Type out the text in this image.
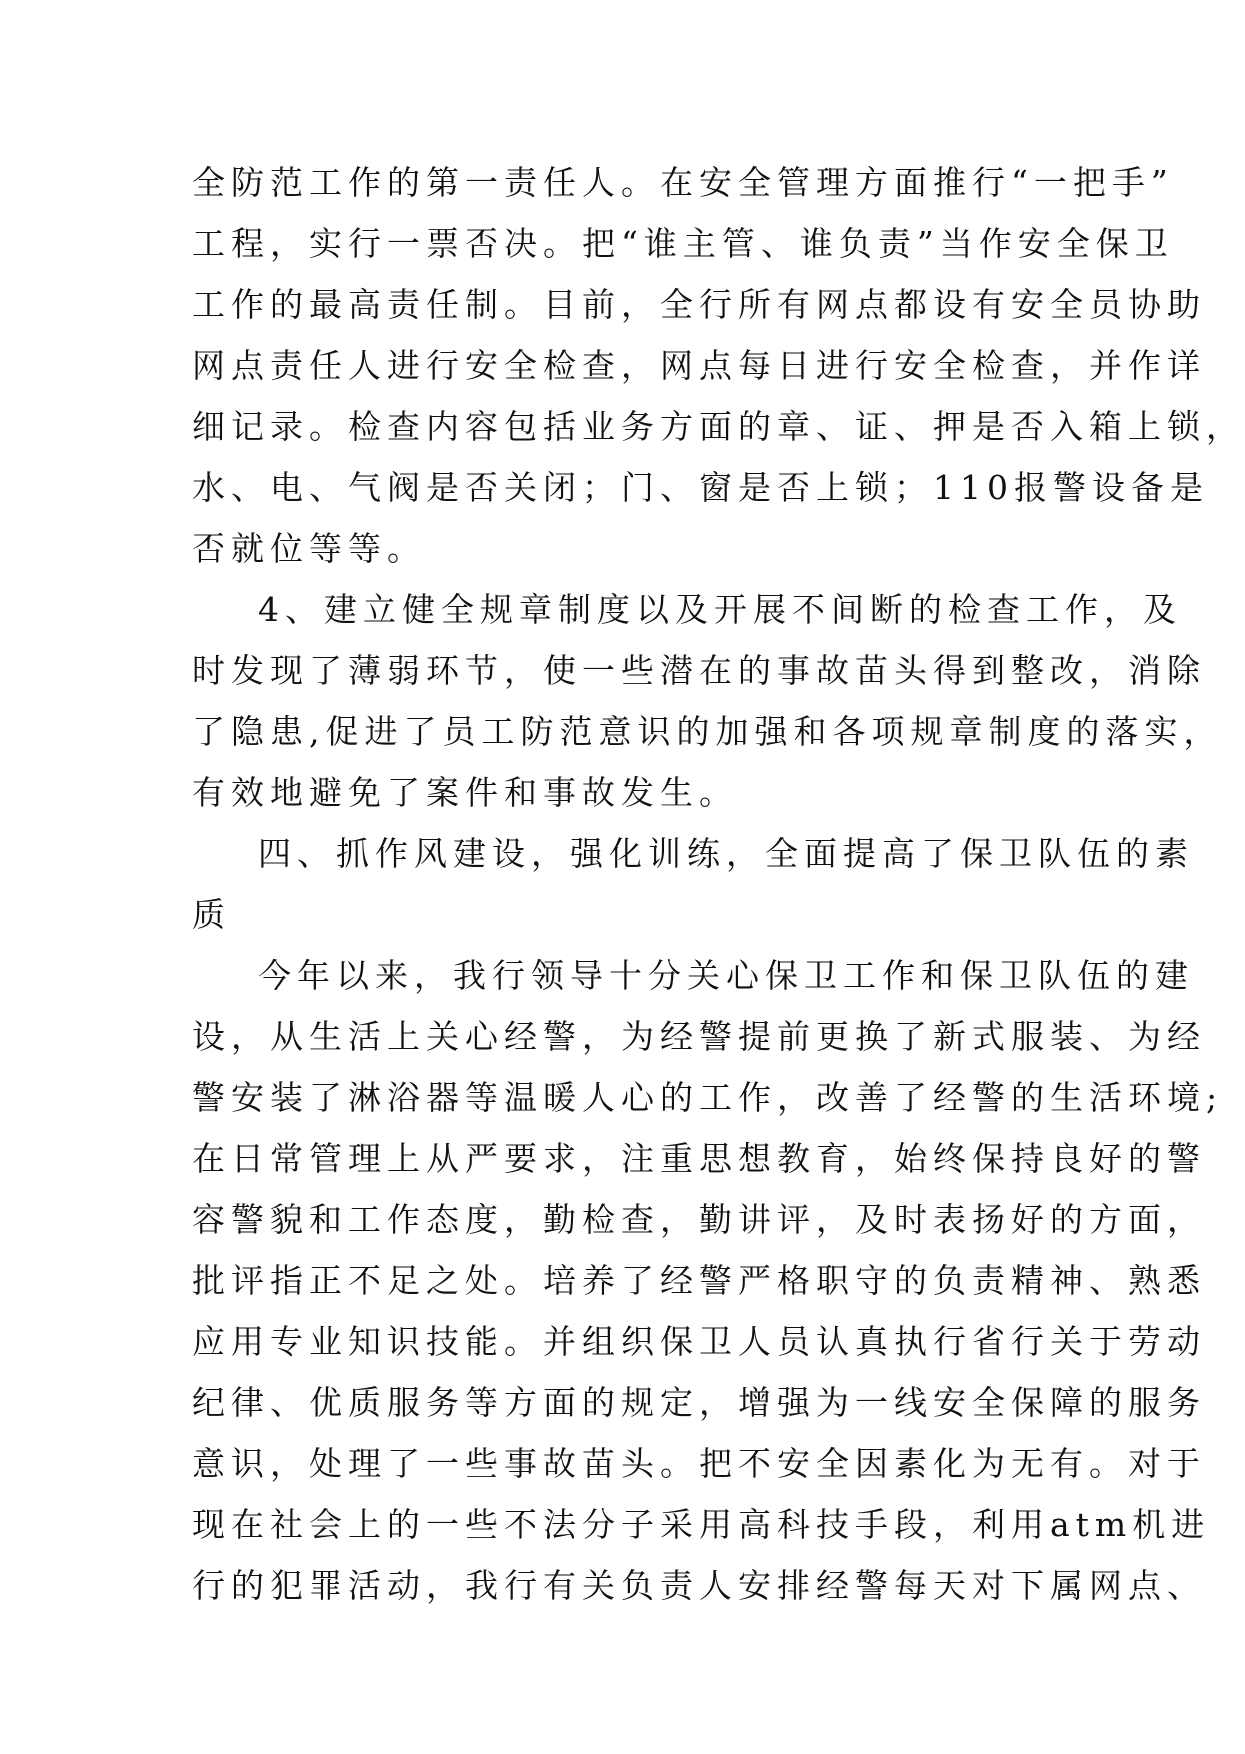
全防范工作的第一责任人。在安全管理方面推行“一把手”
工程，实行一票否决。把“谁主管、谁负责”当作安全保卫
工作的最高责任制。目前，全行所有网点都设有安全员协助
网点责任人进行安全检查，网点每日进行安全检查，并作详
细记录。检查内容包括业务方面的章、证、押是否入箱上锁，
水、电、气阀是否关闭；门、窗是否上锁；110报警设备是
否就位等等。
4、建立健全规章制度以及开展不间断的检查工作，及
时发现了薄弱环节，使一些潜在的事故苗头得到整改，消除
了隐患,促进了员工防范意识的加强和各项规章制度的落实，
有效地避免了案件和事故发生。
四、抓作风建设，强化训练，全面提高了保卫队伍的素
质
今年以来，我行领导十分关心保卫工作和保卫队伍的建
设，从生活上关心经警，为经警提前更换了新式服装、为经
警安装了淋浴器等温暖人心的工作，改善了经警的生活环境;
在日常管理上从严要求，注重思想教育，始终保持良好的警
容警貌和工作态度，勤检查，勤讲评，及时表扬好的方面，
批评指正不足之处。培养了经警严格职守的负责精神、熟悉
应用专业知识技能。并组织保卫人员认真执行省行关于劳动
纪律、优质服务等方面的规定，增强为一线安全保障的服务
意识，处理了一些事故苗头。把不安全因素化为无有。对于
现在社会上的一些不法分子采用高科技手段，利用atm机进
行的犯罪活动，我行有关负责人安排经警每天对下属网点、
